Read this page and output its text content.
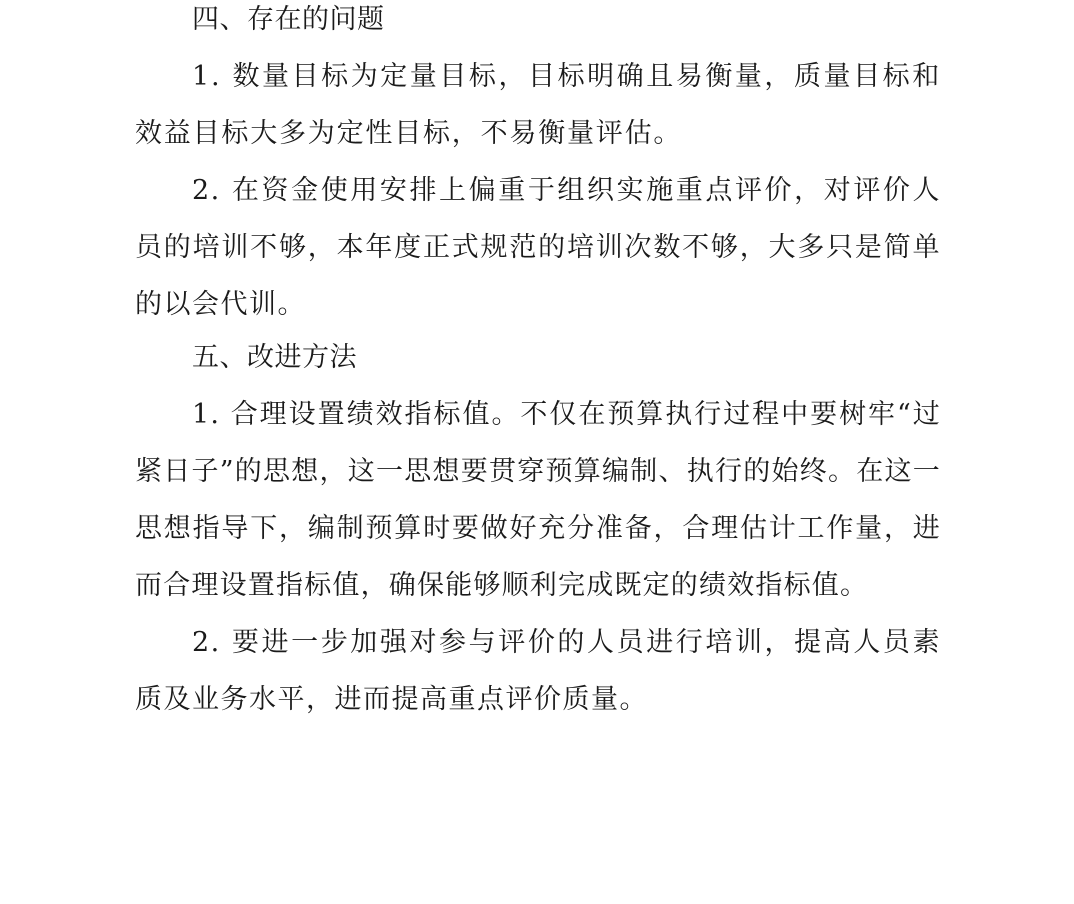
四、存在的问题
1. 数量目标为定量目标，目标明确且易衡量，质量目标和效益目标大多为定性目标，不易衡量评估。
2. 在资金使用安排上偏重于组织实施重点评价，对评价人员的培训不够，本年度正式规范的培训次数不够，大多只是简单的以会代训。
五、改进方法
1. 合理设置绩效指标值。不仅在预算执行过程中要树牢“过紧日子”的思想，这一思想要贯穿预算编制、执行的始终。在这一思想指导下，编制预算时要做好充分准备，合理估计工作量，进而合理设置指标值，确保能够顺利完成既定的绩效指标值。
2. 要进一步加强对参与评价的人员进行培训，提高人员素质及业务水平，进而提高重点评价质量。
